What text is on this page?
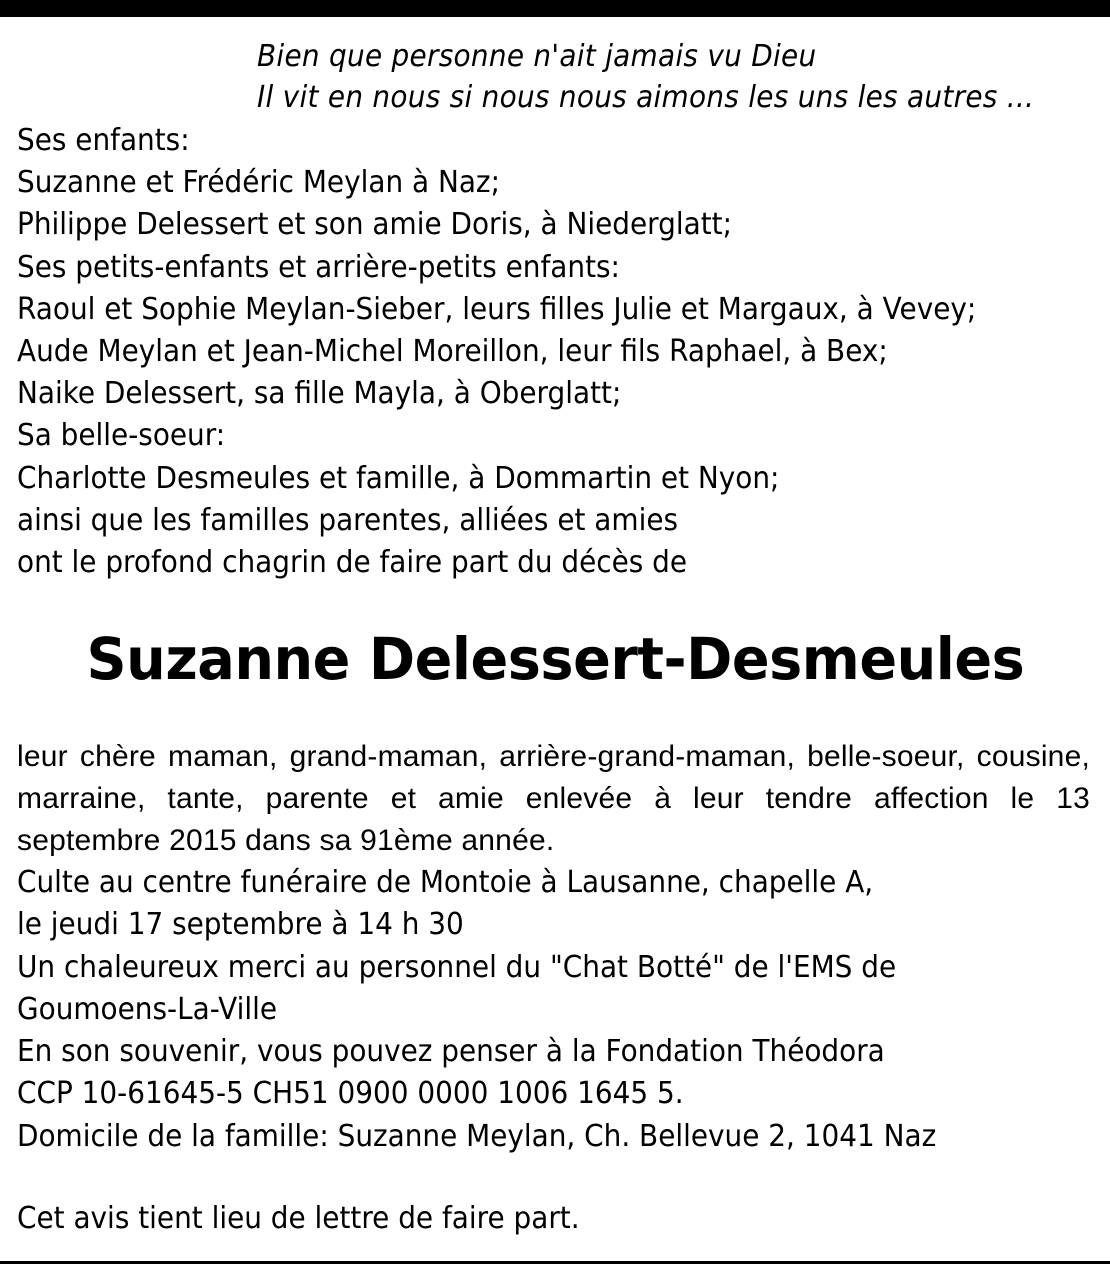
Bien que personne n'ait jamais vu Dieu
Il vit en nous si nous nous aimons les uns les autres ...
Ses enfants:
Suzanne et Frédéric Meylan à Naz;
Philippe Delessert et son amie Doris, à Niederglatt;
Ses petits-enfants et arrière-petits enfants:
Raoul et Sophie Meylan-Sieber, leurs filles Julie et Margaux, à Vevey;
Aude Meylan et Jean-Michel Moreillon, leur fils Raphael, à Bex;
Naike Delessert, sa fille Mayla, à Oberglatt;
Sa belle-soeur:
Charlotte Desmeules et famille, à Dommartin et Nyon;
ainsi que les familles parentes, alliées et amies
ont le profond chagrin de faire part du décès de
Suzanne Delessert-Desmeules
leur chère maman, grand-maman, arrière-grand-maman, belle-soeur, cousine, marraine, tante, parente et amie enlevée à leur tendre affection le 13 septembre 2015 dans sa 91ème année.
Culte au centre funéraire de Montoie à Lausanne, chapelle A,
le jeudi 17 septembre à 14 h 30
Un chaleureux merci au personnel du "Chat Botté" de l'EMS de
Goumoens-La-Ville
En son souvenir, vous pouvez penser à la Fondation Théodora
CCP 10-61645-5 CH51 0900 0000 1006 1645 5.
Domicile de la famille: Suzanne Meylan, Ch. Bellevue 2, 1041 Naz
Cet avis tient lieu de lettre de faire part.
